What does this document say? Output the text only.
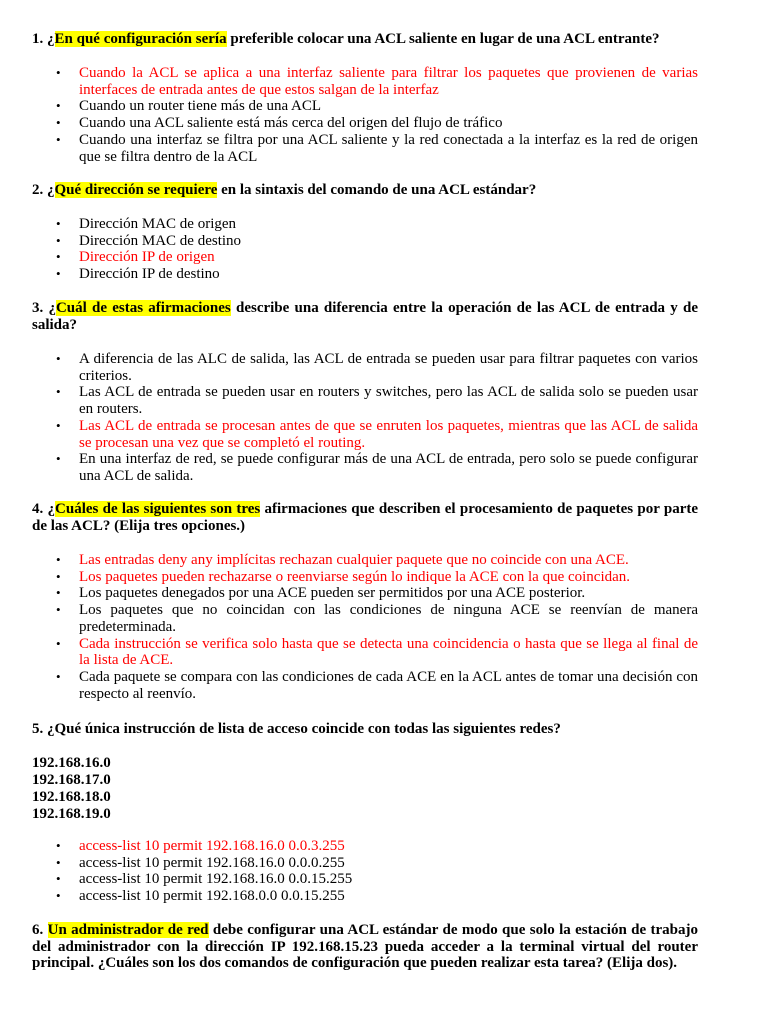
1. ¿En qué configuración sería preferible colocar una ACL saliente en lugar de una ACL entrante?

• Cuando la ACL se aplica a una interfaz saliente para filtrar los paquetes que provienen de varias interfaces de entrada antes de que estos salgan de la interfaz
• Cuando un router tiene más de una ACL
• Cuando una ACL saliente está más cerca del origen del flujo de tráfico
• Cuando una interfaz se filtra por una ACL saliente y la red conectada a la interfaz es la red de origen que se filtra dentro de la ACL

2. ¿Qué dirección se requiere en la sintaxis del comando de una ACL estándar?

• Dirección MAC de origen
• Dirección MAC de destino
• Dirección IP de origen
• Dirección IP de destino

3. ¿Cuál de estas afirmaciones describe una diferencia entre la operación de las ACL de entrada y de salida?

• A diferencia de las ALC de salida, las ACL de entrada se pueden usar para filtrar paquetes con varios criterios.
• Las ACL de entrada se pueden usar en routers y switches, pero las ACL de salida solo se pueden usar en routers.
• Las ACL de entrada se procesan antes de que se enruten los paquetes, mientras que las ACL de salida se procesan una vez que se completó el routing.
• En una interfaz de red, se puede configurar más de una ACL de entrada, pero solo se puede configurar una ACL de salida.

4. ¿Cuáles de las siguientes son tres afirmaciones que describen el procesamiento de paquetes por parte de las ACL? (Elija tres opciones.)

• Las entradas deny any implícitas rechazan cualquier paquete que no coincide con una ACE.
• Los paquetes pueden rechazarse o reenviarse según lo indique la ACE con la que coincidan.
• Los paquetes denegados por una ACE pueden ser permitidos por una ACE posterior.
• Los paquetes que no coincidan con las condiciones de ninguna ACE se reenvían de manera predeterminada.
• Cada instrucción se verifica solo hasta que se detecta una coincidencia o hasta que se llega al final de la lista de ACE.
• Cada paquete se compara con las condiciones de cada ACE en la ACL antes de tomar una decisión con respecto al reenvío.

5. ¿Qué única instrucción de lista de acceso coincide con todas las siguientes redes?

192.168.16.0

192.168.17.0

192.168.18.0

192.168.19.0

• access-list 10 permit 192.168.16.0 0.0.3.255
• access-list 10 permit 192.168.16.0 0.0.0.255
• access-list 10 permit 192.168.16.0 0.0.15.255
• access-list 10 permit 192.168.0.0 0.0.15.255

6. Un administrador de red debe configurar una ACL estándar de modo que solo la estación de trabajo del administrador con la dirección IP 192.168.15.23 pueda acceder a la terminal virtual del router principal. ¿Cuáles son los dos comandos de configuración que pueden realizar esta tarea? (Elija dos).
